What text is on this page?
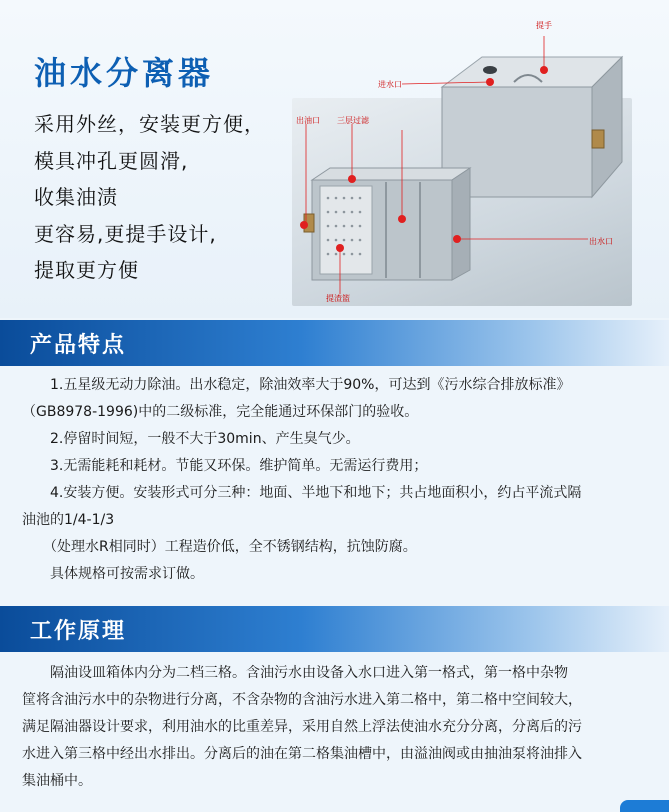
油水分离器
采用外丝，安装更方便，
模具冲孔更圆滑,
收集油渍
更容易,更提手设计,
提取更方便
提手
进水口
出油口 三层过滤
出水口
提渣篮
产品特点
　　1.五星级无动力除油。出水稳定，除油效率大于90%，可达到《污水综合排放标准》
（GB8978-1996)中的二级标准，完全能通过环保部门的验收。
　　2.停留时间短，一般不大于30min、产生臭气少。
　　3.无需能耗和耗材。节能又环保。维护简单。无需运行费用；
　　4.安装方便。安装形式可分三种：地面、半地下和地下；共占地面积小，约占平流式隔
油池的1/4-1/3
　　（处理水R相同时）工程造价低，全不锈钢结构，抗蚀防腐。
　　具体规格可按需求订做。
工作原理
　　隔油设皿箱体内分为二档三格。含油污水由设备入水口进入第一格式，第一格中杂物
筐将含油污水中的杂物进行分离，不含杂物的含油污水进入第二格中，第二格中空间较大，
满足隔油器设计要求，利用油水的比重差异，采用自然上浮法使油水充分分离，分离后的污
水进入第三格中经出水排出。分离后的油在第二格集油槽中，由溢油阀或由抽油泵将油排入
集油桶中。
